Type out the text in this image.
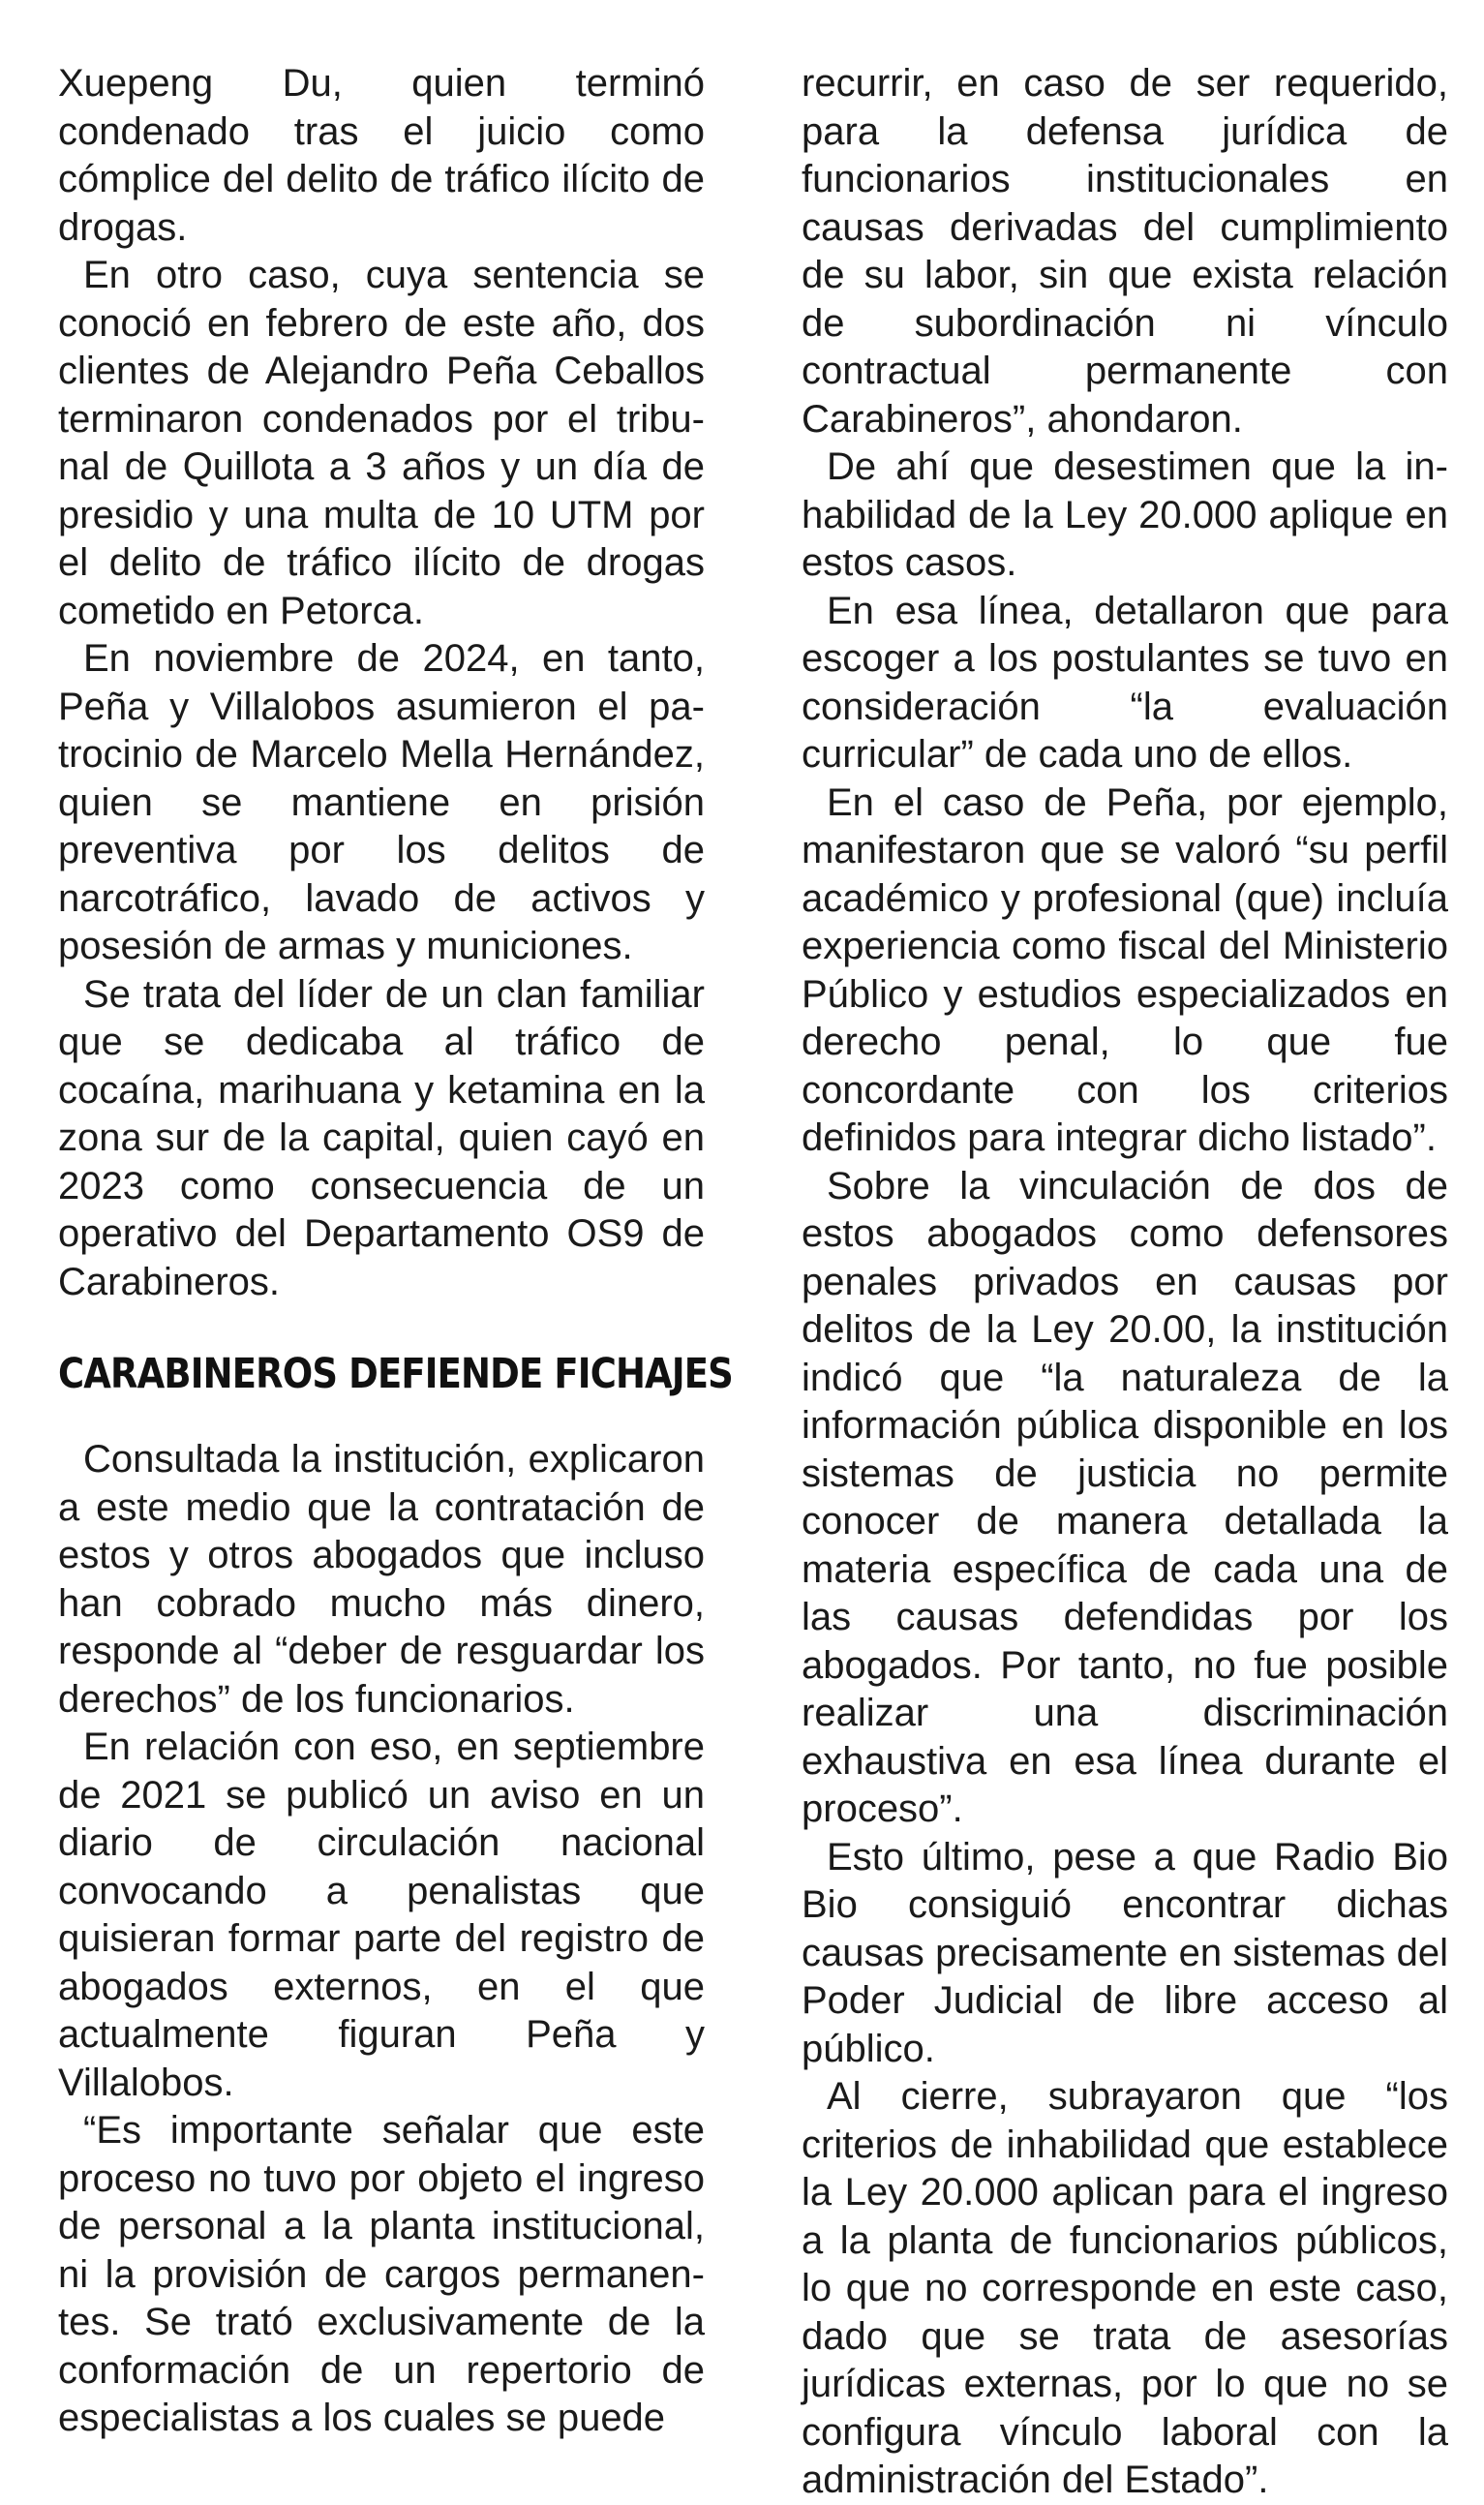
Xuepeng Du, quien terminó condenado tras el juicio como cómplice del delito de tráfico ilícito de drogas.

En otro caso, cuya sentencia se conoció en febrero de este año, dos clientes de Alejandro Peña Ceballos terminaron condenados por el tribunal de Quillota a 3 años y un día de presidio y una multa de 10 UTM por el delito de tráfico ilícito de drogas cometido en Petorca.

En noviembre de 2024, en tanto, Peña y Villalobos asumieron el patrocinio de Marcelo Mella Hernández, quien se mantiene en prisión preventiva por los delitos de narcotráfico, lavado de activos y posesión de armas y municiones.

Se trata del líder de un clan familiar que se dedicaba al tráfico de cocaína, marihuana y ketamina en la zona sur de la capital, quien cayó en 2023 como consecuencia de un operativo del Departamento OS9 de Carabineros.

CARABINEROS DEFIENDE FICHAJES

Consultada la institución, explicaron a este medio que la contratación de estos y otros abogados que incluso han cobrado mucho más dinero, responde al “deber de resguardar los derechos” de los funcionarios.

En relación con eso, en septiembre de 2021 se publicó un aviso en un diario de circulación nacional convocando a penalistas que quisieran formar parte del registro de abogados externos, en el que actualmente figuran Peña y Villalobos.

“Es importante señalar que este proceso no tuvo por objeto el ingreso de personal a la planta institucional, ni la provisión de cargos permanentes. Se trató exclusivamente de la conformación de un repertorio de especialistas a los cuales se puede

recurrir, en caso de ser requerido, para la defensa jurídica de funcionarios institucionales en causas derivadas del cumplimiento de su labor, sin que exista relación de subordinación ni vínculo contractual permanente con Carabineros”, ahondaron.

De ahí que desestimen que la inhabilidad de la Ley 20.000 aplique en estos casos.

En esa línea, detallaron que para escoger a los postulantes se tuvo en consideración “la evaluación curricular” de cada uno de ellos.

En el caso de Peña, por ejemplo, manifestaron que se valoró “su perfil académico y profesional (que) incluía experiencia como fiscal del Ministerio Público y estudios especializados en derecho penal, lo que fue concordante con los criterios definidos para integrar dicho listado”.

Sobre la vinculación de dos de estos abogados como defensores penales privados en causas por delitos de la Ley 20.00, la institución indicó que “la naturaleza de la información pública disponible en los sistemas de justicia no permite conocer de manera detallada la materia específica de cada una de las causas defendidas por los abogados. Por tanto, no fue posible realizar una discriminación exhaustiva en esa línea durante el proceso”.

Esto último, pese a que Radio Bio Bio consiguió encontrar dichas causas precisamente en sistemas del Poder Judicial de libre acceso al público.

Al cierre, subrayaron que “los criterios de inhabilidad que establece la Ley 20.000 aplican para el ingreso a la planta de funcionarios públicos, lo que no corresponde en este caso, dado que se trata de asesorías jurídicas externas, por lo que no se configura vínculo laboral con la administración del Estado”.
